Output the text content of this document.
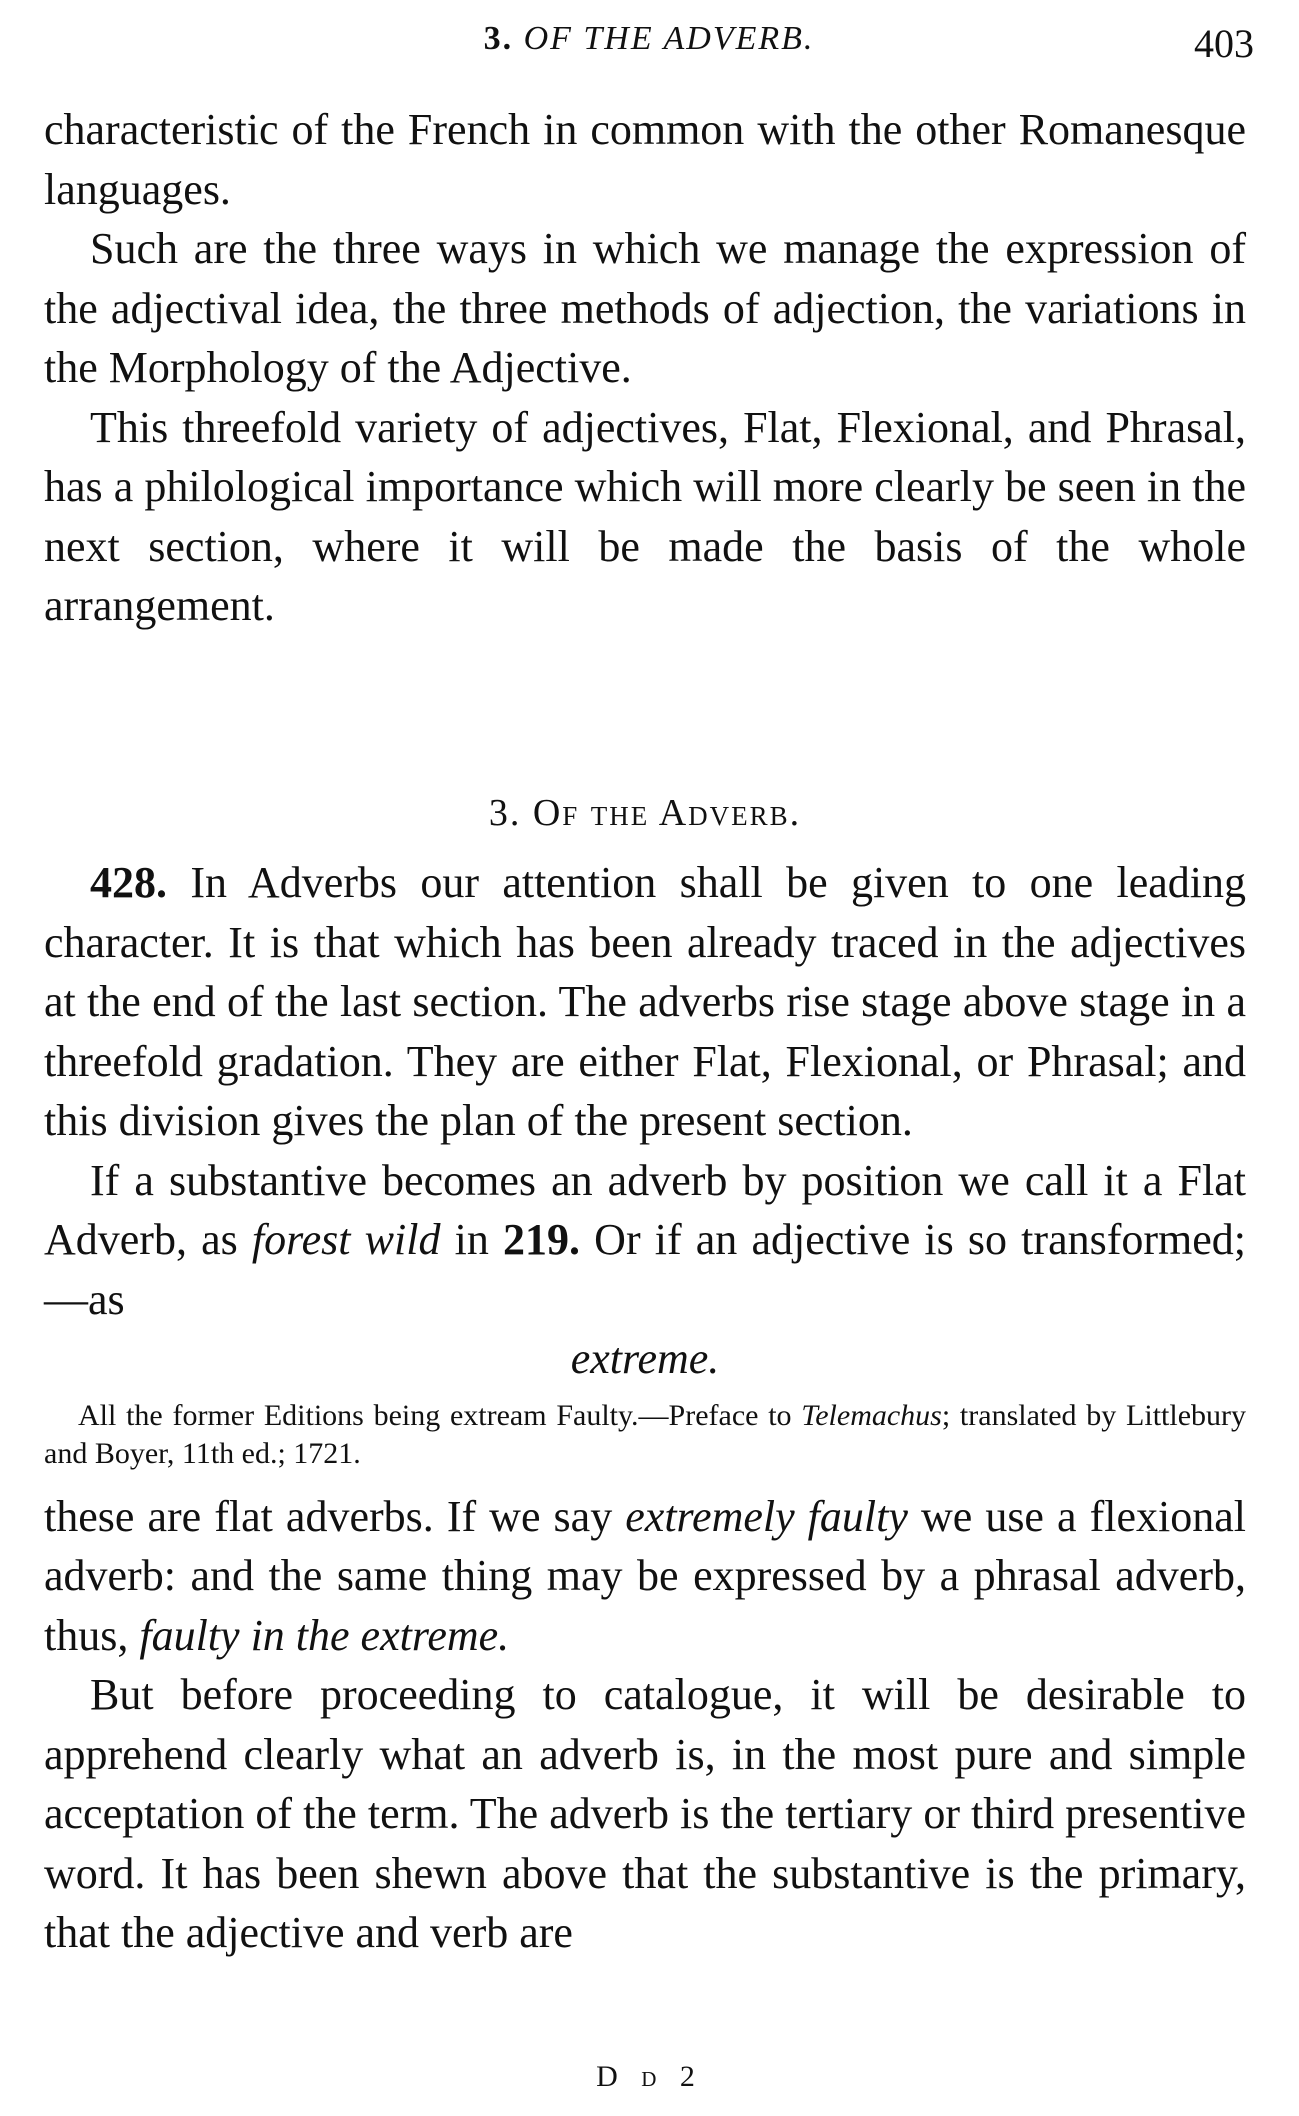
3. OF THE ADVERB.	403

characteristic of the French in common with the other Romanesque languages.

Such are the three ways in which we manage the expression of the adjectival idea, the three methods of adjection, the variations in the Morphology of the Adjective.

This threefold variety of adjectives, Flat, Flexional, and Phrasal, has a philological importance which will more clearly be seen in the next section, where it will be made the basis of the whole arrangement.

3. Of the Adverb.

428. In Adverbs our attention shall be given to one leading character. It is that which has been already traced in the adjectives at the end of the last section. The adverbs rise stage above stage in a threefold gradation. They are either Flat, Flexional, or Phrasal; and this division gives the plan of the present section.

If a substantive becomes an adverb by position we call it a Flat Adverb, as forest wild in 219. Or if an adjective is so transformed;—as

extreme.

All the former Editions being extream Faulty.—Preface to Telemachus; translated by Littlebury and Boyer, 11th ed.; 1721.

these are flat adverbs. If we say extremely faulty we use a flexional adverb: and the same thing may be expressed by a phrasal adverb, thus, faulty in the extreme.

But before proceeding to catalogue, it will be desirable to apprehend clearly what an adverb is, in the most pure and simple acceptation of the term. The adverb is the tertiary or third presentive word. It has been shewn above that the substantive is the primary, that the adjective and verb are

D d 2
